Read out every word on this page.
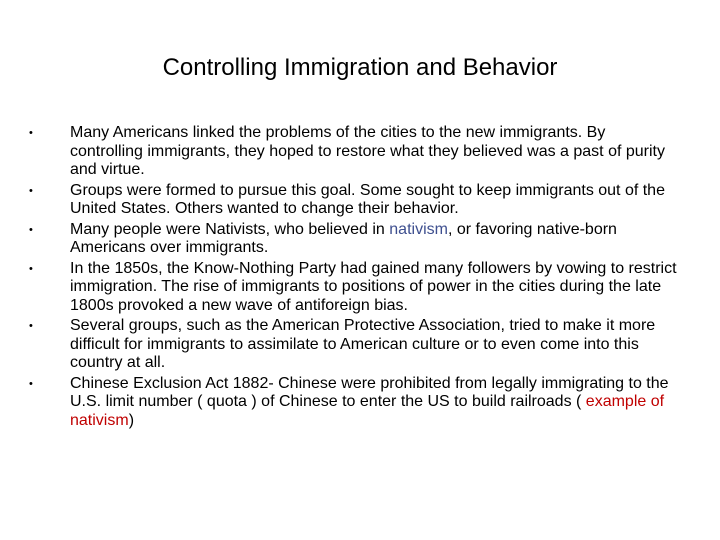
Controlling Immigration and Behavior
• Many Americans linked the problems of the cities to the new immigrants. By controlling immigrants, they hoped to restore what they believed was a past of purity and virtue.
• Groups were formed to pursue this goal. Some sought to keep immigrants out of the United States. Others wanted to change their behavior.
• Many people were Nativists, who believed in nativism, or favoring native-born Americans over immigrants.
• In the 1850s, the Know-Nothing Party had gained many followers by vowing to restrict immigration. The rise of immigrants to positions of power in the cities during the late 1800s provoked a new wave of antiforeign bias.
• Several groups, such as the American Protective Association, tried to make it more difficult for immigrants to assimilate to American culture or to even come into this country at all.
• Chinese Exclusion Act 1882- Chinese were prohibited from legally immigrating to the U.S. limit number ( quota ) of Chinese to enter the US to build railroads ( example of nativism)
